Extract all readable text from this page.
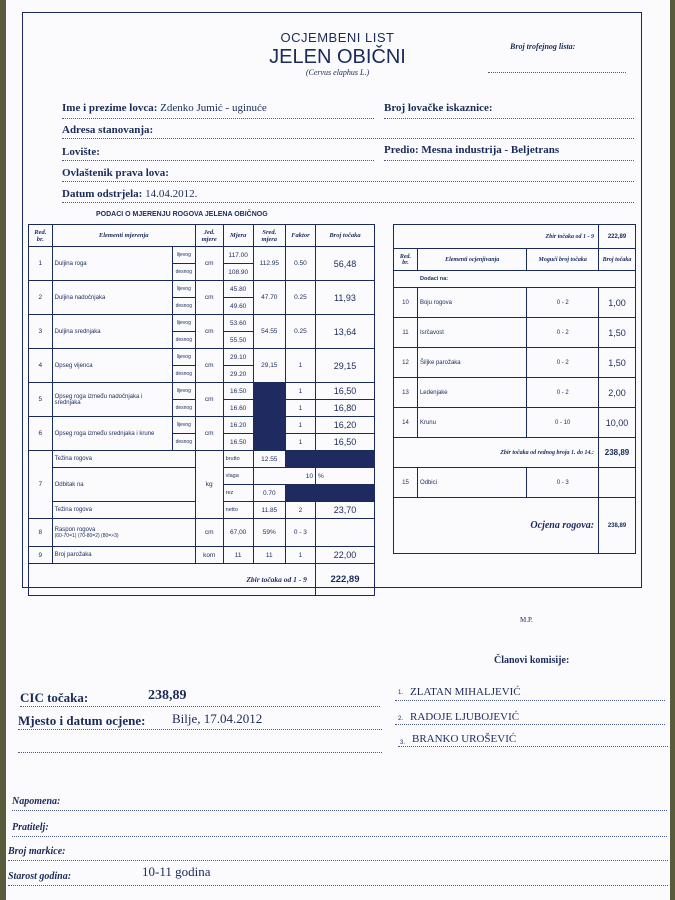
OCJEMBENI LIST
JELEN OBIČNI
(Cervus elaphus L.)
Broj trofejnog lista:
Ime i prezime lovca: Zdenko Jumić - uginuće	Broj lovačke iskaznice:
Adresa stanovanja:
Lovište:	Predio: Mesna industrija - Beljetrans
Ovlaštenik prava lova:
Datum odstrjela: 14.04.2012.
PODACI O MJERENJU ROGOVA JELENA OBIČNOG
Red. br.	Elementi mjerenja		Jed. mjere	Mjera	Sred. mjera	Faktor	Broj točaka
1	Duljina roga	lijevog	cm	117.00	112.95	0.50	56,48
		desnog		108.90			
2	Duljina nadočnjaka	lijevog	cm	45.80	47.70	0.25	11,93
		desnog		49.60			
3	Duljina srednjaka	lijevog	cm	53.60	54.55	0.25	13,64
		desnog		55.50			
4	Opseg vijenca	lijevog	cm	29.10	29,15	1	29,15
		desnog		29.20			
5	Opseg roga između nadočnjaka i srednjaka	lijevog	cm	16.50		1	16,50
		desnog		16.60		1	16,80
6	Opseg roga između srednjaka i krune	lijevog	cm	16.20		1	16,20
		desnog		16.50		1	16,50
7	Težina rogova		kg	brutto	12.55		
	Odbitak na			vlaga	10		%
				rez	0.70		
	Težina rogova			netto	11.85	2	23,70
8	Raspon rogova
(60-70=1) (70-80=2) (80=>3)		cm	67,00	59%	0 - 3	
9	Broj parožaka		kom	11	11	1	22,00
Zbir točaka od 1 - 9							222,89
Zbir točaka od 1 - 9			222,89
Red. br.	Elementi ocjenjivanja	Mogući broj točaka	Broj točaka
Dodaci na:			
10	Boju rogova	0 - 2	1,00
11	Isrčavost	0 - 2	1,50
12	Šiljke parožaka	0 - 2	1,50
13	Ledenjake	0 - 2	2,00
14	Krunu	0 - 10	10,00
Zbir točaka od rednog broja 1. do 14.:			238,89
15	Odbici	0 - 3	
Ocjena rogova:			238,89
M.P.
Članovi komisije:
CIC točaka:	238,89
Mjesto i datum ocjene: Bilje, 17.04.2012
1. ZLATAN MIHALJEVIĆ
2. RADOJE LJUBOJEVIĆ
3. BRANKO UROŠEVIĆ
Napomena:
Pratitelj:
Broj markice:
Starost godina:	10-11 godina
